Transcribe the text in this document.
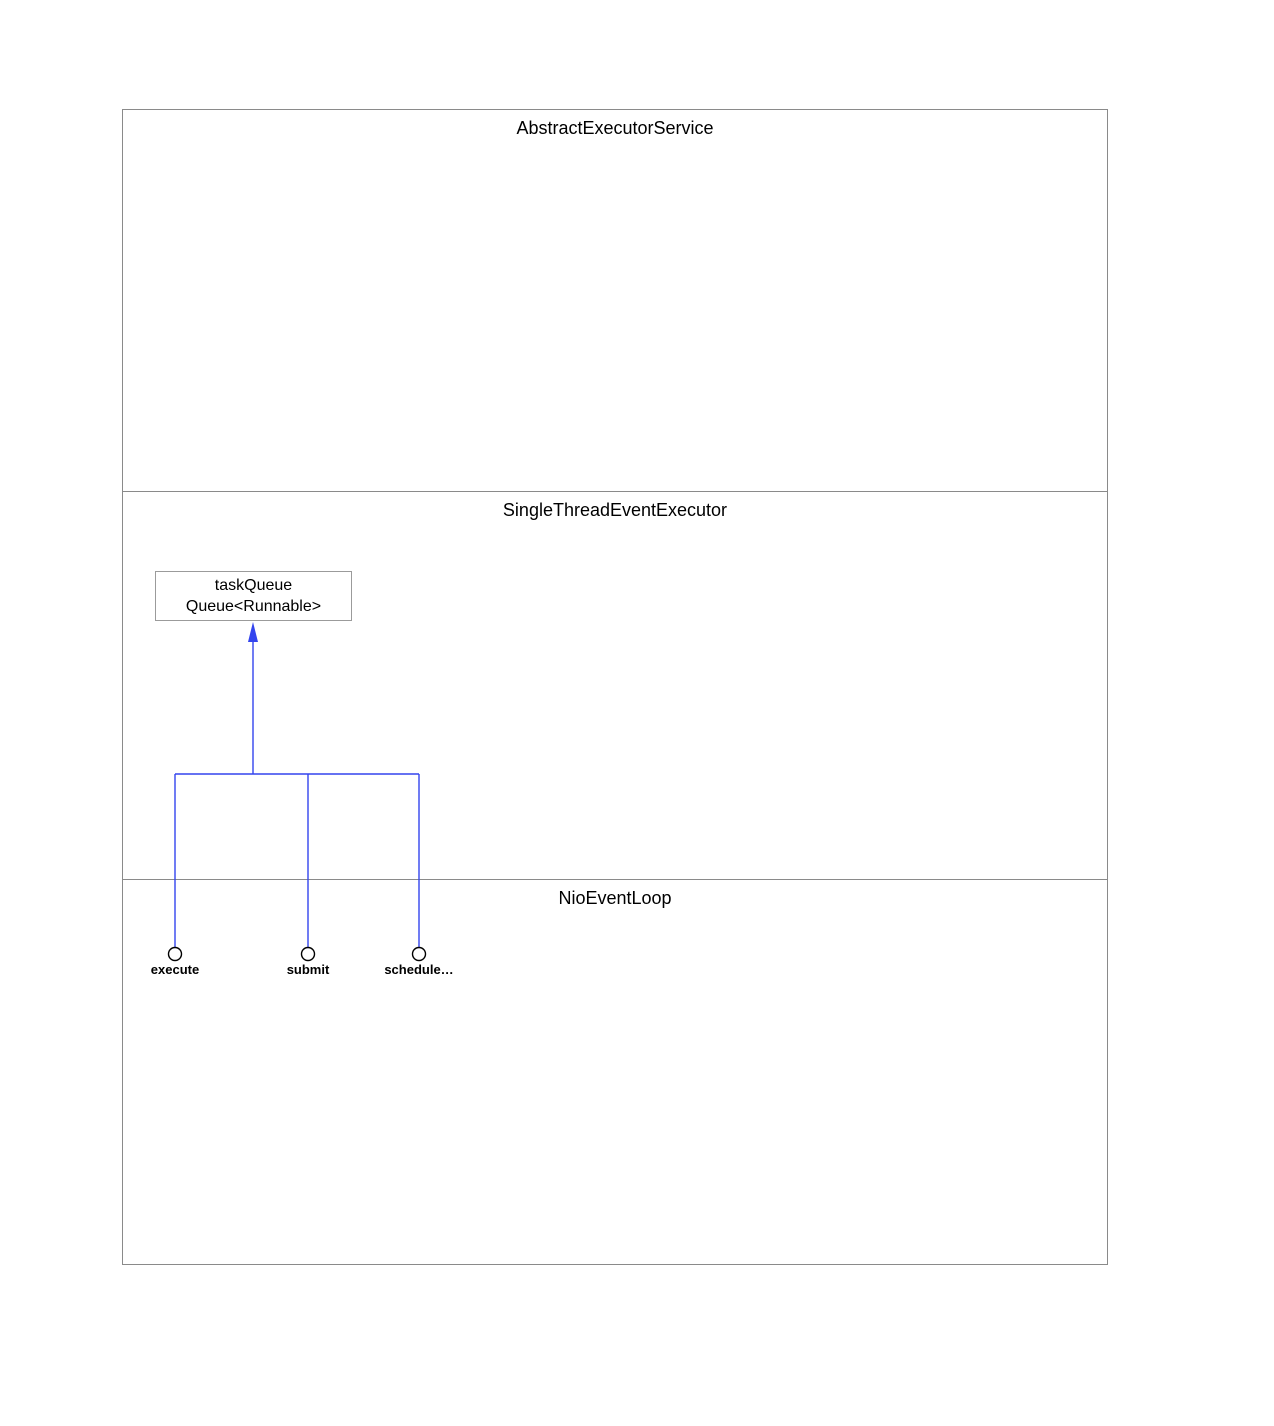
AbstractExecutorService
SingleThreadEventExecutor
NioEventLoop
taskQueue
Queue<Runnable>
execute	submit	schedule…
